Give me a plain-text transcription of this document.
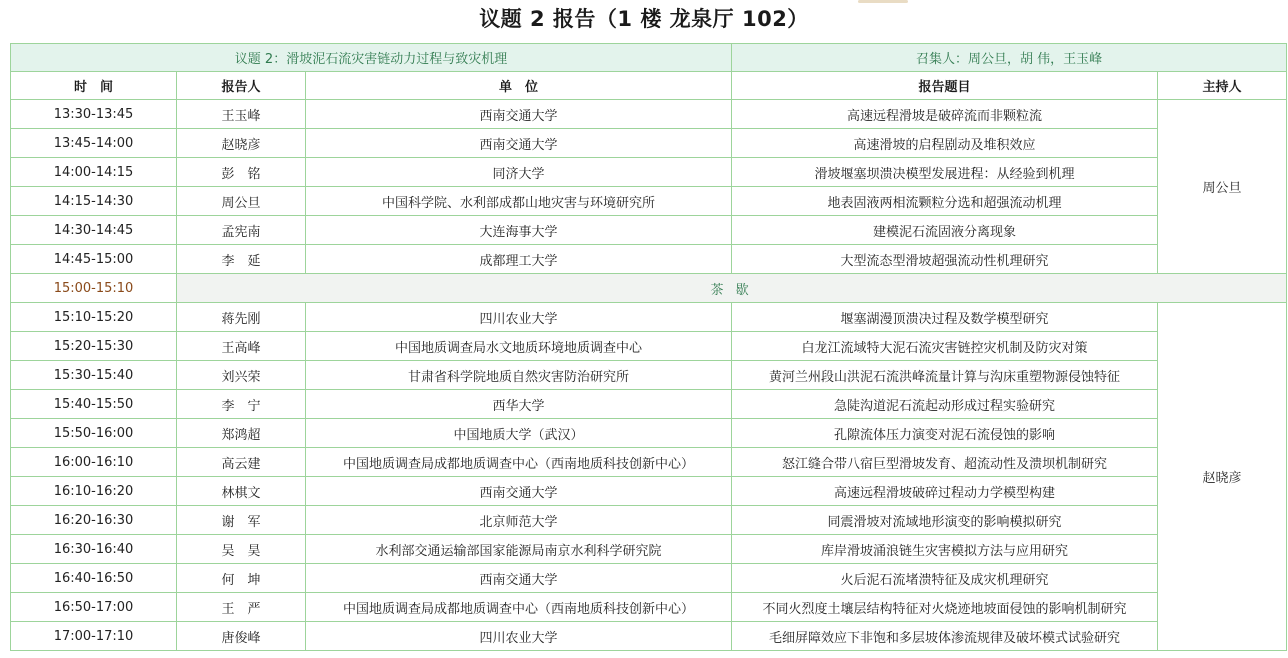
议题 2 报告（1 楼 龙泉厅 102）
议题 2：滑坡泥石流灾害链动力过程与致灾机理			召集人：周公旦，胡 伟，王玉峰	
时　间	报告人	单　位	报告题目	主持人
13:30-13:45	王玉峰	西南交通大学	高速远程滑坡是破碎流而非颗粒流	周公旦
13:45-14:00	赵晓彦	西南交通大学	高速滑坡的启程剧动及堆积效应	
14:00-14:15	彭　铭	同济大学	滑坡堰塞坝溃决模型发展进程：从经验到机理	
14:15-14:30	周公旦	中国科学院、水利部成都山地灾害与环境研究所	地表固液两相流颗粒分选和超强流动机理	
14:30-14:45	孟宪南	大连海事大学	建模泥石流固液分离现象	
14:45-15:00	李　延	成都理工大学	大型流态型滑坡超强流动性机理研究	
15:00-15:10	茶 歇			
15:10-15:20	蒋先刚	四川农业大学	堰塞湖漫顶溃决过程及数学模型研究	赵晓彦
15:20-15:30	王高峰	中国地质调查局水文地质环境地质调查中心	白龙江流域特大泥石流灾害链控灾机制及防灾对策	
15:30-15:40	刘兴荣	甘肃省科学院地质自然灾害防治研究所	黄河兰州段山洪泥石流洪峰流量计算与沟床重塑物源侵蚀特征	
15:40-15:50	李　宁	西华大学	急陡沟道泥石流起动形成过程实验研究	
15:50-16:00	郑鸿超	中国地质大学（武汉）	孔隙流体压力演变对泥石流侵蚀的影响	
16:00-16:10	高云建	中国地质调查局成都地质调查中心（西南地质科技创新中心）	怒江缝合带八宿巨型滑坡发育、超流动性及溃坝机制研究	
16:10-16:20	林棋文	西南交通大学	高速远程滑坡破碎过程动力学模型构建	
16:20-16:30	谢　军	北京师范大学	同震滑坡对流域地形演变的影响模拟研究	
16:30-16:40	吴　昊	水利部交通运输部国家能源局南京水利科学研究院	库岸滑坡涌浪链生灾害模拟方法与应用研究	
16:40-16:50	何　坤	西南交通大学	火后泥石流堵溃特征及成灾机理研究	
16:50-17:00	王　严	中国地质调查局成都地质调查中心（西南地质科技创新中心）	不同火烈度土壤层结构特征对火烧迹地坡面侵蚀的影响机制研究	
17:00-17:10	唐俊峰	四川农业大学	毛细屏障效应下非饱和多层坡体渗流规律及破坏模式试验研究	
